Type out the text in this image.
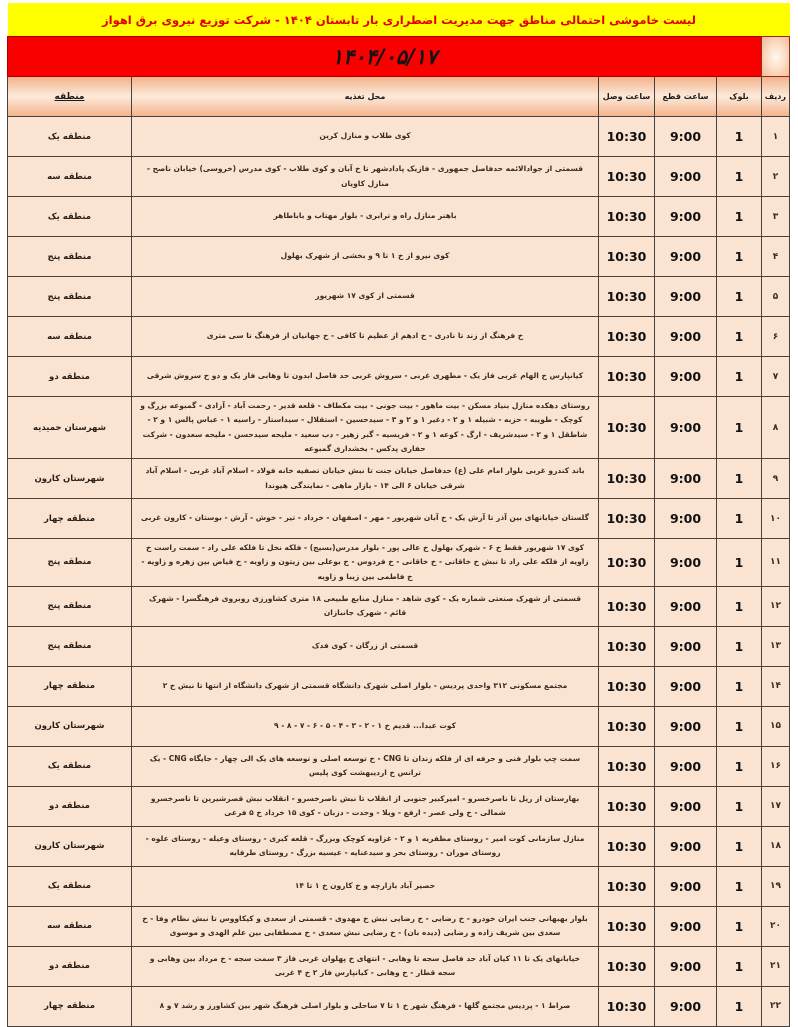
لیست خاموشی احتمالی مناطق جهت مدیریت اضطراری بار تابستان ۱۴۰۴ - شرکت توزیع نیروی برق اهواز
	۱۴۰۴/۰۵/۱۷				
ردیف	بلوک	ساعت قطع	ساعت وصل	محل تغذیه	منطقه
۱	1	9:00	10:30	کوی طلاب و منازل کرین	منطقه یک
۲	1	9:00	10:30	قسمتی از جوادالائمه حدفاصل جمهوری - فازیک پادادشهر تا خ آبان و کوی طلاب - کوی مدرس (خروسی) خیابان ناصح - منازل کاویان	منطقه سه
۳	1	9:00	10:30	باهنر منازل راه و ترابری - بلوار مهتاب و باباطاهر	منطقه یک
۴	1	9:00	10:30	کوی نیرو از خ ۱ تا ۹ و بخشی از شهرک بهلول	منطقه پنج
۵	1	9:00	10:30	قسمتی از کوی ۱۷ شهریور	منطقه پنج
۶	1	9:00	10:30	خ فرهنگ از زند تا نادری - خ ادهم از عظیم تا کافی - خ جهانیان از فرهنگ تا سی متری	منطقه سه
۷	1	9:00	10:30	کیانپارس خ الهام غربی فاز یک - مطهری غربی - سروش غربی حد فاصل ابدون تا وهابی فاز یک و دو خ سروش شرقی	منطقه دو
۸	1	9:00	10:30	روستای دهکده منازل بنیاد مسکن - بیت ماهور - بیت جونی - بیت مکطاف - قلعه قدیر - رحمت آباد - آزادی - گمبوعه بزرگ و کوچک - طویبه - حزبه - شبیله ۱ و ۲ - دغیر ۱ و ۲ و ۳ - سیدحسین - استقلال - سیداستار - راسیه ۱ - عباس پالس ۱ و ۲ - شاطقل ۱ و ۲ - سیدشریف - ارگ - کوعه ۱ و ۲ - فریسیه - گبر زهیر - دب سعید - ملیحه سیدحسن - ملیحه سعدون - شرکت حفاری پدکس - بخشداری گمبوعه	شهرستان حمیدیه
۹	1	9:00	10:30	باند کندرو غربی بلوار امام علی (ع) حدفاصل خیابان جنت تا نبش خیابان تصفیه خانه فولاد - اسلام آباد غربی - اسلام آباد شرقی خیابان ۶ الی ۱۴ - بازار ماهی - نمایندگی هیوندا	شهرستان کارون
۱۰	1	9:00	10:30	گلستان خیابانهای بین آذر تا آرش یک - خ آبان شهریور - مهر - اصفهان - خرداد - تیر - خوش - آرش - بوستان - کارون غربی	منطقه چهار
۱۱	1	9:00	10:30	کوی ۱۷ شهریور فقط خ ۶ - شهرک بهلول خ عالی پور - بلوار مدرس(بسیج) - فلکه نخل تا فلکه علی راد - سمت راست خ زاویه از فلکه علی راد تا نبش خ خاقانی - خ خاقانی - خ فردوس - خ بوعلی بین زیتون و زاویه - خ فیاض بین زهره و زاویه - خ فاطمی بین زیبا و زاویه	منطقه پنج
۱۲	1	9:00	10:30	قسمتی از شهرک صنعتی شماره یک - کوی شاهد - منازل منابع طبیعی ۱۸ متری کشاورزی روبروی فرهنگسرا - شهرک قائم - شهرک جانبازان	منطقه پنج
۱۳	1	9:00	10:30	قسمتی از زرگان - کوی فدک	منطقه پنج
۱۴	1	9:00	10:30	مجتمع مسکونی ۳۱۲ واحدی پردیس - بلوار اصلی شهرک دانشگاه قسمتی از شهرک دانشگاه از انتها تا نبش خ ۲	منطقه چهار
۱۵	1	9:00	10:30	کوت عبدا... قدیم خ ۱ - ۲ - ۳ - ۴ - ۵ - ۶ - ۷ - ۸ - ۹	شهرستان کارون
۱۶	1	9:00	10:30	سمت چپ بلوار فنی و حرفه ای از فلکه زندان تا CNG - خ توسعه اصلی و توسعه های یک الی چهار - جایگاه CNG - یک ترانس خ اردیبهشت کوی پلیس	منطقه یک
۱۷	1	9:00	10:30	بهارستان از ریل تا ناصرخسرو - امیرکبیر جنوبی از انقلاب تا نبش ناصرخسرو - انقلاب نبش قصرشیرین تا ناصرخسرو شمالی - خ ولی عصر - ارفع - ویلا - وحدت - دزبان - کوی ۱۵ خرداد خ ۵ فرعی	منطقه دو
۱۸	1	9:00	10:30	منازل سازمانی کوت امیر - روستای مظفریه ۱ و ۲ - غزاویه کوچک وبزرگ - قلعه کبری - روستای وعیله - روستای علوه - روستای موران - روستای بحر و سیدعنایه - عیسیه بزرگ - روستای طرفایه	شهرستان کارون
۱۹	1	9:00	10:30	حصیر آباد بازارچه و خ کارون خ ۱ تا ۱۴	منطقه یک
۲۰	1	9:00	10:30	بلوار بهبهانی جنب ایران خودرو - خ رضایی - خ رضایی نبش خ مهدوی - قسمتی از سعدی و کیکاووس تا نبش نظام وفا - خ سعدی بین شریف زاده و رضایی (دیده بان) - خ رضایی نبش سعدی - خ مصطفایی بین علم الهدی و موسوی	منطقه سه
۲۱	1	9:00	10:30	خیابانهای یک تا ۱۱ کیان آباد حد فاصل سجه تا وهابی - انتهای خ پهلوان غربی فاز ۳ سمت سجه - خ مرداد بین وهابی و سجه قطار - خ وهابی - کیانپارس فاز ۲ خ ۴ غربی	منطقه دو
۲۲	1	9:00	10:30	صراط ۱ - پردیس مجتمع گلها - فرهنگ شهر خ ۱ تا ۷ ساحلی و بلوار اصلی فرهنگ شهر بین کشاورز و رشد ۷ و ۸	منطقه چهار
